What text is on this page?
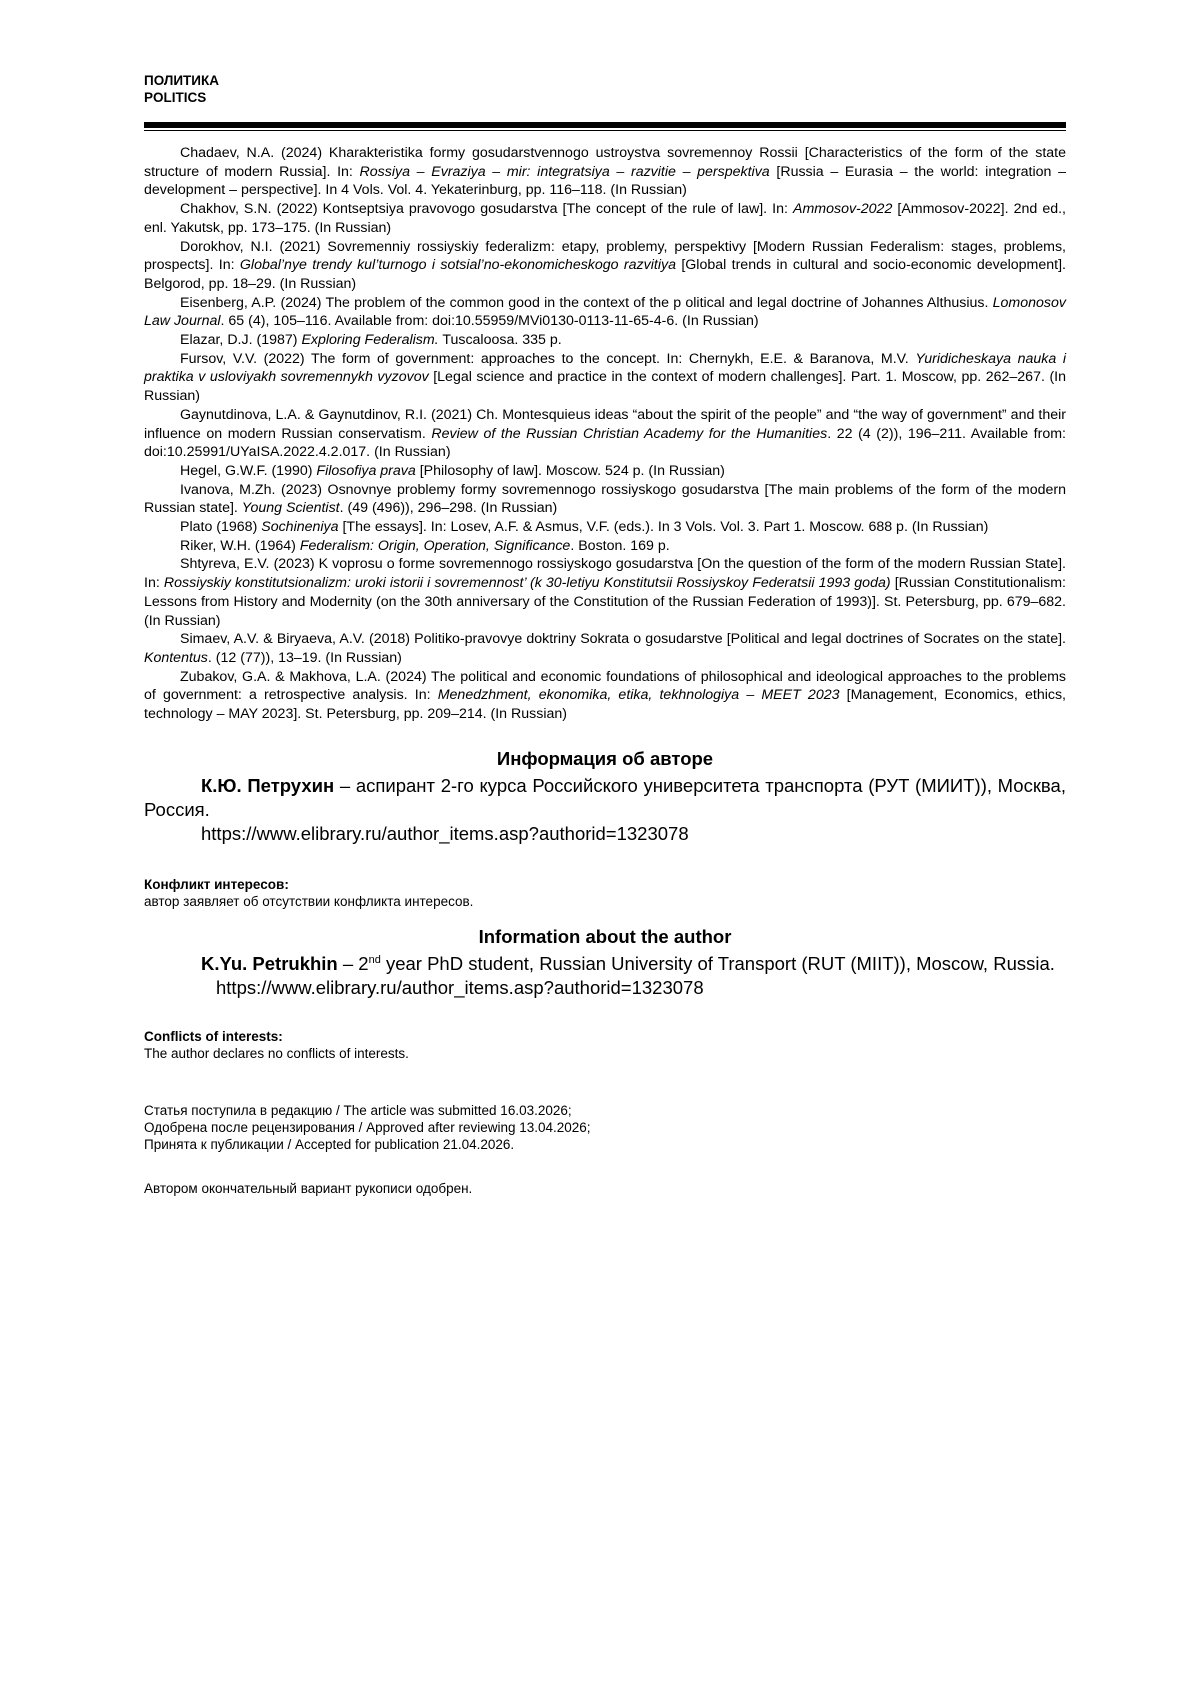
ПОЛИТИКА
POLITICS

Chadaev, N.A. (2024) Kharakteristika formy gosudarstvennogo ustroystva sovremennoy Rossii [Characteristics of the form of the state structure of modern Russia]. In: Rossiya – Evraziya – mir: integratsiya – razvitie – perspektiva [Russia – Eurasia – the world: integration – development – perspective]. In 4 Vols. Vol. 4. Yekaterinburg, pp. 116–118. (In Russian)

Chakhov, S.N. (2022) Kontseptsiya pravovogo gosudarstva [The concept of the rule of law]. In: Ammosov-2022 [Ammosov-2022]. 2nd ed., enl. Yakutsk, pp. 173–175. (In Russian)

Dorokhov, N.I. (2021) Sovremenniy rossiyskiy federalizm: etapy, problemy, perspektivy [Modern Russian Federalism: stages, problems, prospects]. In: Global’nye trendy kul’turnogo i sotsial’no-ekonomicheskogo razvitiya [Global trends in cultural and socio-economic development]. Belgorod, pp. 18–29. (In Russian)

Eisenberg, A.P. (2024) The problem of the common good in the context of the p olitical and legal doctrine of Johannes Althusius. Lomonosov Law Journal. 65 (4), 105–116. Available from: doi:10.55959/MVi0130-0113-11-65-4-6. (In Russian)

Elazar, D.J. (1987) Exploring Federalism. Tuscaloosa. 335 p.

Fursov, V.V. (2022) The form of government: approaches to the concept. In: Chernykh, E.E. & Baranova, M.V. Yuridicheskaya nauka i praktika v usloviyakh sovremennykh vyzovov [Legal science and practice in the context of modern challenges]. Part. 1. Moscow, pp. 262–267. (In Russian)

Gaynutdinova, L.A. & Gaynutdinov, R.I. (2021) Ch. Montesquieus ideas “about the spirit of the people” and “the way of government” and their influence on modern Russian conservatism. Review of the Russian Christian Academy for the Humanities. 22 (4 (2)), 196–211. Available from: doi:10.25991/UYaISA.2022.4.2.017. (In Russian)

Hegel, G.W.F. (1990) Filosofiya prava [Philosophy of law]. Moscow. 524 p. (In Russian)

Ivanova, M.Zh. (2023) Osnovnye problemy formy sovremennogo rossiyskogo gosudarstva [The main problems of the form of the modern Russian state]. Young Scientist. (49 (496)), 296–298. (In Russian)

Plato (1968) Sochineniya [The essays]. In: Losev, A.F. & Asmus, V.F. (eds.). In 3 Vols. Vol. 3. Part 1. Moscow. 688 p. (In Russian)

Riker, W.H. (1964) Federalism: Origin, Operation, Significance. Boston. 169 p.

Shtyreva, E.V. (2023) K voprosu o forme sovremennogo rossiyskogo gosudarstva [On the question of the form of the modern Russian State]. In: Rossiyskiy konstitutsionalizm: uroki istorii i sovremennost’ (k 30-letiyu Konstitutsii Rossiyskoy Federatsii 1993 goda) [Russian Constitutionalism: Lessons from History and Modernity (on the 30th anniversary of the Constitution of the Russian Federation of 1993)]. St. Petersburg, pp. 679–682. (In Russian)

Simaev, A.V. & Biryaeva, A.V. (2018) Politiko-pravovye doktriny Sokrata o gosudarstve [Political and legal doctrines of Socrates on the state]. Kontentus. (12 (77)), 13–19. (In Russian)

Zubakov, G.A. & Makhova, L.A. (2024) The political and economic foundations of philosophical and ideological approaches to the problems of government: a retrospective analysis. In: Menedzhment, ekonomika, etika, tekhnologiya – MEET 2023 [Management, Economics, ethics, technology – MAY 2023]. St. Petersburg, pp. 209–214. (In Russian)

Информация об авторе

К.Ю. Петрухин – аспирант 2-го курса Российского университета транспорта (РУТ (МИИТ)), Москва, Россия.

https://www.elibrary.ru/author_items.asp?authorid=1323078

Конфликт интересов:

автор заявляет об отсутствии конфликта интересов.

Information about the author

K.Yu. Petrukhin – 2nd year PhD student, Russian University of Transport (RUT (MIIT)), Moscow, Russia.

https://www.elibrary.ru/author_items.asp?authorid=1323078

Conflicts of interests:

The author declares no conflicts of interests.

Статья поступила в редакцию / The article was submitted 16.03.2026;

Одобрена после рецензирования / Approved after reviewing 13.04.2026;

Принята к публикации / Accepted for publication 21.04.2026.

Автором окончательный вариант рукописи одобрен.
